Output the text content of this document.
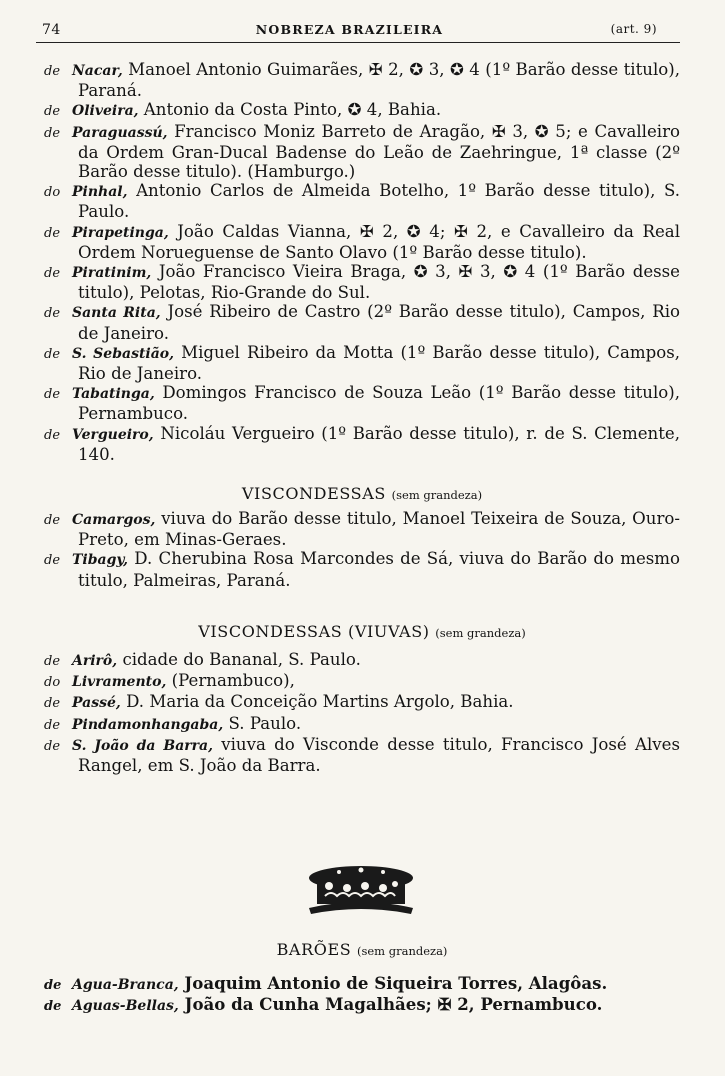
74	NOBREZA BRAZILEIRA	(art. 9)
de Nacar, Manoel Antonio Guimarães, ✠ 2, ✪ 3, ✪ 4 (1º Barão desse titulo), Paraná.
de Oliveira, Antonio da Costa Pinto, ✪ 4, Bahia.
de Paraguassú, Francisco Moniz Barreto de Aragão, ✠ 3, ✪ 5; e Cavalleiro da Ordem Gran-Ducal Badense do Leão de Zaehringue, 1ª classe (2º Barão desse titulo). (Hamburgo.)
do Pinhal, Antonio Carlos de Almeida Botelho, 1º Barão desse titulo), S. Paulo.
de Pirapetinga, João Caldas Vianna, ✠ 2, ✪ 4; ✠ 2, e Cavalleiro da Real Ordem Norueguense de Santo Olavo (1º Barão desse titulo).
de Piratinim, João Francisco Vieira Braga, ✪ 3, ✠ 3, ✪ 4 (1º Barão desse titulo), Pelotas, Rio-Grande do Sul.
de Santa Rita, José Ribeiro de Castro (2º Barão desse titulo), Campos, Rio de Janeiro.
de S. Sebastião, Miguel Ribeiro da Motta (1º Barão desse titulo), Campos, Rio de Janeiro.
de Tabatinga, Domingos Francisco de Souza Leão (1º Barão desse titulo), Pernambuco.
de Vergueiro, Nicoláu Vergueiro (1º Barão desse titulo), r. de S. Clemente, 140.
VISCONDESSAS (sem grandeza)
de Camargos, viuva do Barão desse titulo, Manoel Teixeira de Souza, Ouro-Preto, em Minas-Geraes.
de Tibagy, D. Cherubina Rosa Marcondes de Sá, viuva do Barão do mesmo titulo, Palmeiras, Paraná.
VISCONDESSAS (VIUVAS) (sem grandeza)
de Arirô, cidade do Bananal, S. Paulo.
do Livramento, (Pernambuco),
de Passé, D. Maria da Conceição Martins Argolo, Bahia.
de Pindamonhangaba, S. Paulo.
de S. João da Barra, viuva do Visconde desse titulo, Francisco José Alves Rangel, em S. João da Barra.
BARÕES (sem grandeza)
de Agua-Branca, Joaquim Antonio de Siqueira Torres, Alagôas.
de Aguas-Bellas, João da Cunha Magalhães; ✠ 2, Pernambuco.
